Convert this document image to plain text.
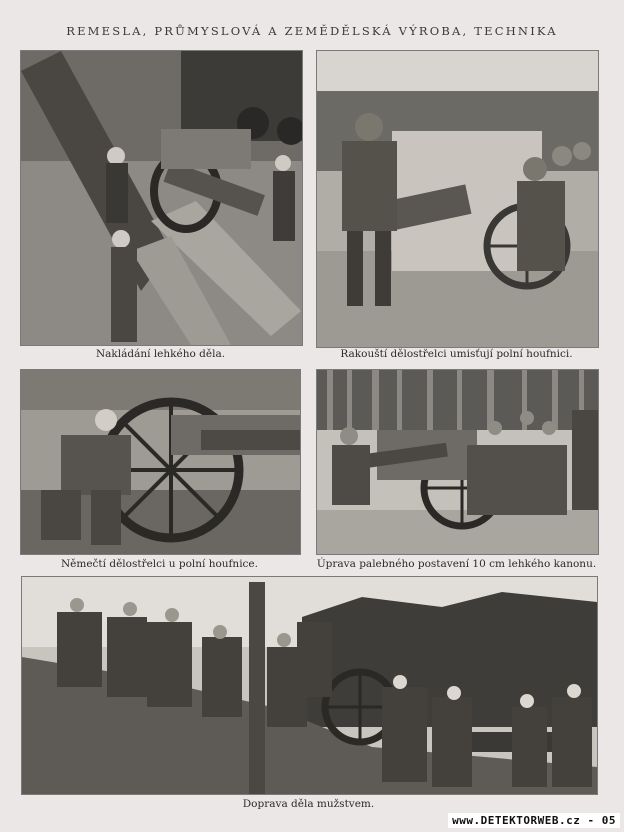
REMESLA, PRŮMYSLOVÁ A ZEMĚDĚLSKÁ VÝROBA, TECHNIKA
Nakládání lehkého děla.	Rakouští dělostřelci umisťují polní houfnici.
Němečtí dělostřelci u polní houfnice.	Úprava palebného postavení 10 cm lehkého kanonu.
Doprava děla mužstvem.
www.DETEKTORWEB.cz - 05
